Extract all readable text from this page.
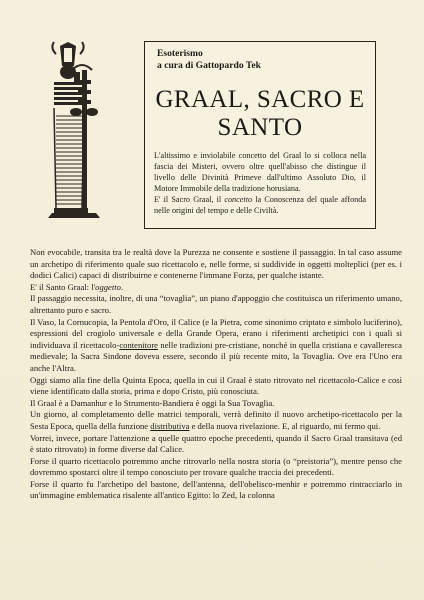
Esoterismo
a cura di Gattopardo Tek
GRAAL, SACRO E SANTO

L'altissimo e inviolabile concetto del Graal lo si colloca nella fascia dei Misteri, ovvero oltre quell'abisso che distingue il livello delle Divinità Primeve dall'ultimo Assoluto Dio, il Motore Immobile della tradizione horusiana.

E' il Sacro Graal, il concetto la Conoscenza del quale affonda nelle origini del tempo e delle Civiltà.

Non evocabile, transita tra le realtà dove la Purezza ne consente e sostiene il passaggio. In tal caso assume un archetipo di riferimento quale suo ricettacolo e, nelle forme, si suddivide in oggetti molteplici (per es. i dodici Calici) capaci di distribuirne e contenerne l'immane Forza, per qualche istante.

E' il Santo Graal: l'oggetto.

Il passaggio necessita, inoltre, di una “tovaglia”, un piano d'appoggio che costituisca un riferimento umano, altrettanto puro e sacro.

Il Vaso, la Cornucopia, la Pentola d'Oro, il Calice (e la Pietra, come sinonimo criptato e simbolo luciferino), espressioni del crogiolo universale e della Grande Opera, erano i riferimenti archetipici con i quali si individuava il ricettacolo-contenitore nelle tradizioni pre-cristiane, nonché in quella cristiana e cavalleresca medievale; la Sacra Sindone doveva essere, secondo il più recente mito, la Tovaglia. Ove era l'Uno era anche l'Altra.

Oggi siamo alla fine della Quinta Epoca, quella in cui il Graal è stato ritrovato nel ricettacolo-Calice e così viene identificato dalla storia, prima e dopo Cristo, più conosciuta.

Il Graal è a Damanhur e lo Strumento-Bandiera è oggi la Sua Tovaglia.

Un giorno, al completamento delle matrici temporali, verrà definito il nuovo archetipo-ricettacolo per la Sesta Epoca, quella della funzione distributiva e della nuova rivelazione. E, al riguardo, mi fermo qui.

Vorrei, invece, portare l'attenzione a quelle quattro epoche precedenti, quando il Sacro Graal transitava (ed è stato ritrovato) in forme diverse dal Calice.

Forse il quarto ricettacolo potremmo anche ritrovarlo nella nostra storia (o “preistoria”), mentre penso che dovremmo spostarci oltre il tempo conosciuto per trovare qualche traccia dei precedenti.

Forse il quarto fu l'archetipo del bastone, dell'antenna, dell'obelisco-menhir e potremmo rintracciarlo in un'immagine emblematica risalente all'antico Egitto: lo Zed, la colonna
